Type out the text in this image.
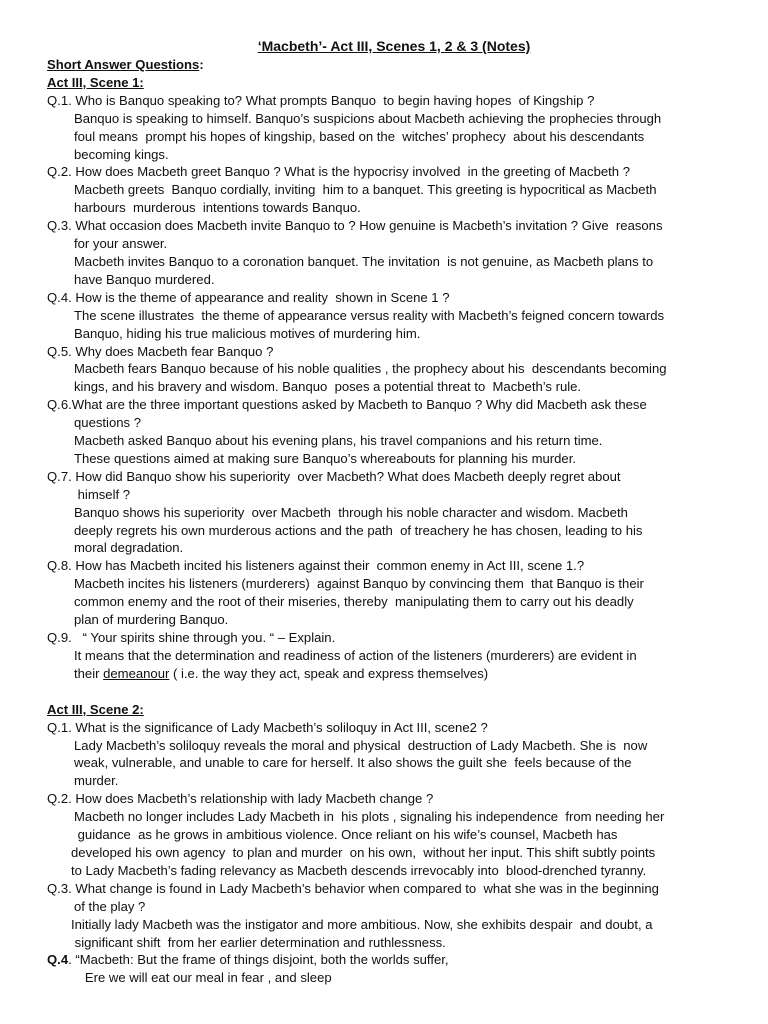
‘Macbeth’- Act III, Scenes 1, 2 & 3 (Notes)
Short Answer Questions:
Act III, Scene 1:
Q.1. Who is Banquo speaking to? What prompts Banquo  to begin having hopes  of Kingship ?
Banquo is speaking to himself. Banquo’s suspicions about Macbeth achieving the prophecies through
foul means  prompt his hopes of kingship, based on the  witches’ prophecy  about his descendants
becoming kings.
Q.2. How does Macbeth greet Banquo ? What is the hypocrisy involved  in the greeting of Macbeth ?
Macbeth greets  Banquo cordially, inviting  him to a banquet. This greeting is hypocritical as Macbeth
harbours  murderous  intentions towards Banquo.
Q.3. What occasion does Macbeth invite Banquo to ? How genuine is Macbeth’s invitation ? Give  reasons
for your answer.
Macbeth invites Banquo to a coronation banquet. The invitation  is not genuine, as Macbeth plans to
have Banquo murdered.
Q.4. How is the theme of appearance and reality  shown in Scene 1 ?
The scene illustrates  the theme of appearance versus reality with Macbeth’s feigned concern towards
Banquo, hiding his true malicious motives of murdering him.
Q.5. Why does Macbeth fear Banquo ?
Macbeth fears Banquo because of his noble qualities , the prophecy about his  descendants becoming
kings, and his bravery and wisdom. Banquo  poses a potential threat to  Macbeth’s rule.
Q.6.What are the three important questions asked by Macbeth to Banquo ? Why did Macbeth ask these
questions ?
Macbeth asked Banquo about his evening plans, his travel companions and his return time.
These questions aimed at making sure Banquo’s whereabouts for planning his murder.
Q.7. How did Banquo show his superiority  over Macbeth? What does Macbeth deeply regret about
himself ?
Banquo shows his superiority  over Macbeth  through his noble character and wisdom. Macbeth
deeply regrets his own murderous actions and the path  of treachery he has chosen, leading to his
moral degradation.
Q.8. How has Macbeth incited his listeners against their  common enemy in Act III, scene 1.?
Macbeth incites his listeners (murderers)  against Banquo by convincing them  that Banquo is their
common enemy and the root of their miseries, thereby  manipulating them to carry out his deadly
plan of murdering Banquo.
Q.9.   “ Your spirits shine through you. “ – Explain.
It means that the determination and readiness of action of the listeners (murderers) are evident in
their demeanour ( i.e. the way they act, speak and express themselves)
Act III, Scene 2:
Q.1. What is the significance of Lady Macbeth’s soliloquy in Act III, scene2 ?
Lady Macbeth’s soliloquy reveals the moral and physical  destruction of Lady Macbeth. She is  now
weak, vulnerable, and unable to care for herself. It also shows the guilt she  feels because of the
murder.
Q.2. How does Macbeth’s relationship with lady Macbeth change ?
Macbeth no longer includes Lady Macbeth in  his plots , signaling his independence  from needing her
guidance  as he grows in ambitious violence. Once reliant on his wife’s counsel, Macbeth has
developed his own agency  to plan and murder  on his own,  without her input. This shift subtly points
to Lady Macbeth’s fading relevancy as Macbeth descends irrevocably into  blood-drenched tyranny.
Q.3. What change is found in Lady Macbeth’s behavior when compared to  what she was in the beginning
of the play ?
Initially lady Macbeth was the instigator and more ambitious. Now, she exhibits despair  and doubt, a
significant shift  from her earlier determination and ruthlessness.
Q.4. “Macbeth: But the frame of things disjoint, both the worlds suffer,
Ere we will eat our meal in fear , and sleep
